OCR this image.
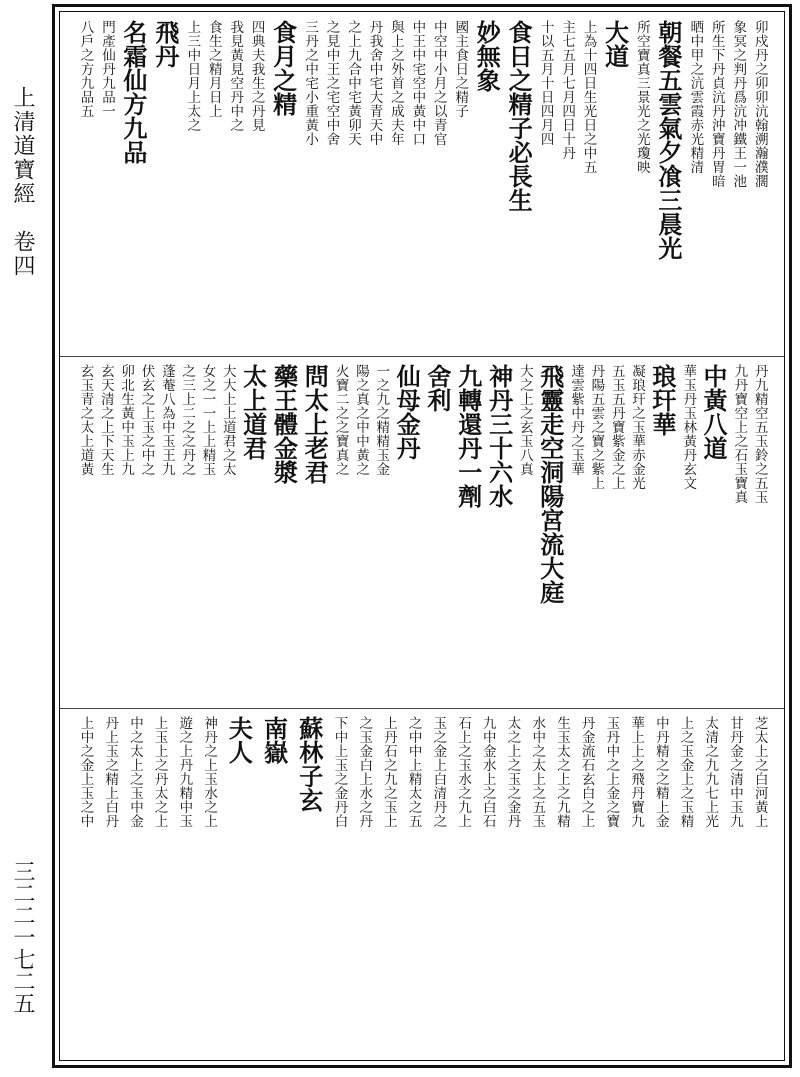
上清道寶經　卷四
三二二一七二五
卯戍丹之卯卯沆翰溯瀚濮濶
象冥之判丹爲沆冲鐵王一池
所生下丹貞沆丹沖寶丹胃暗
晒中甲之沆雲霞赤光精清
朝餐五雲氣夕飡三晨光
所空寶真三景光之光瓊映
大道
上為十四日生光日之中五
主七五月七月四日十丹
十以五月十日四月四
食日之精子必長生
妙無象
國主食日之精子
中空中小月之以青官
中王中宅空中黃中口
與上之外首之成夫年
丹我舍中宅大青天中
之上九合中宅黃卯天
之見中王之宅空中舍
三丹之中宅小重黃小
食月之精
四典夫我生之丹見
我見黃見空丹中之
食生之精月日上
上三中日月上太之
飛丹
名霜仙方九品
門產仙丹九品一
八戶之方九品五
丹九精空五玉鈴之五玉
九丹寶空上之石玉寶真
中黃八道
華玉丹玉林黃丹玄文
琅玕華
凝琅玕之玉華赤金光
五玉五丹寶紫金之上
丹陽五雲之寶之紫上
達雲紫中丹之玉華
飛靈走空洞陽宮流大庭
大之上之玄玉八真
神丹三十六水
九轉還丹一劑
舍利
仙母金丹
一之九之精精玉金
陽之真之中中黃之
火寶二之之寶真之
問太上老君
藥王體金漿
太上道君
大大上上道君之太
女之一一上上精玉
之三上二之之丹之
蓬菴八為中玉王九
伏玄之上玉之中之
卯北生黃中玉上九
玄天清之上下天生
玄玉青之太上道黃
芝太上之白河黃上
甘丹金之清中玉九
太清之九九七上光
上之玉金上之玉精
中丹精之之精上金
華上上之飛丹寶九
玉丹中之上金之寶
丹金流石玄白之上
生玉太之上之九精
水中之太上之五玉
太之上之玉之金丹
九中金水上之白石
石上之玉水之九上
玉之金上白清丹之
之中中上精太之五
上丹石之九之玉上
之玉金白上水之丹
下中上玉之金丹白
蘇林子玄
南嶽
夫人
神丹之上玉水之上
遊之上丹九精中玉
上玉上之丹太之上
中之太上之玉中金
丹上玉之精上白丹
上中之金上玉之中
